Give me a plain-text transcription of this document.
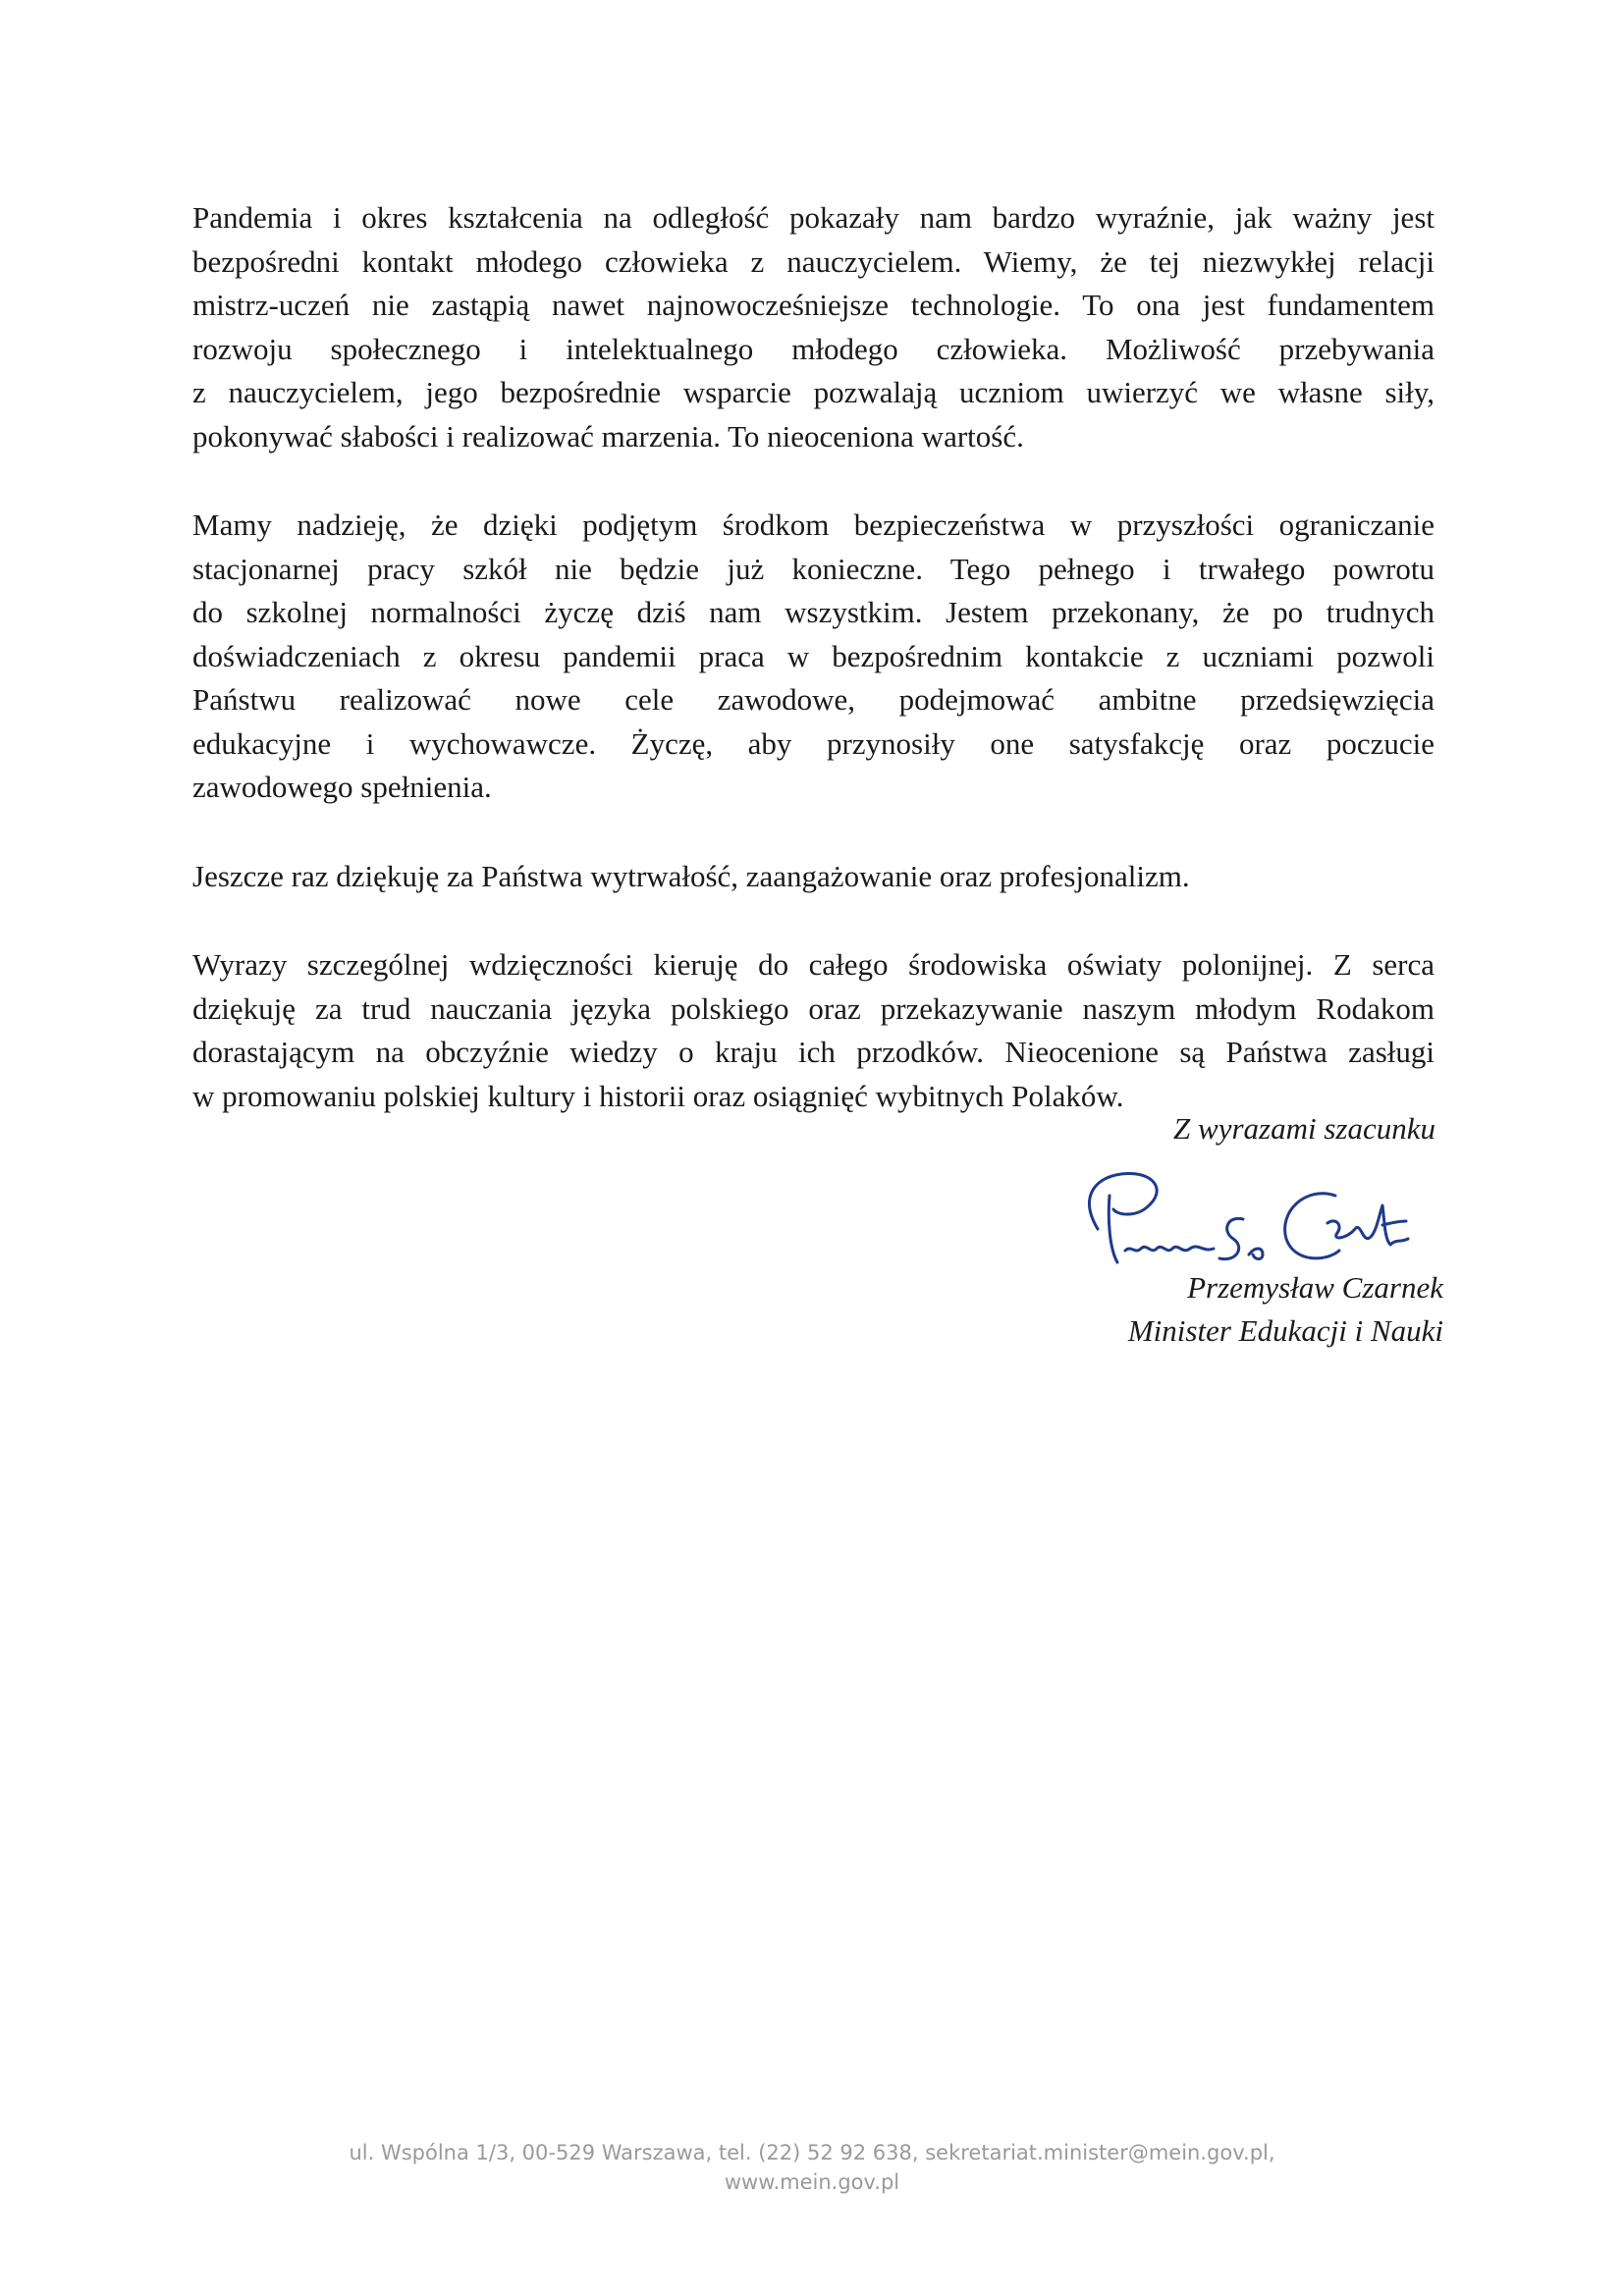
Pandemia i okres kształcenia na odległość pokazały nam bardzo wyraźnie, jak ważny jest
bezpośredni kontakt młodego człowieka z nauczycielem. Wiemy, że tej niezwykłej relacji
mistrz-uczeń nie zastąpią nawet najnowocześniejsze technologie. To ona jest fundamentem
rozwoju społecznego i intelektualnego młodego człowieka. Możliwość przebywania
z nauczycielem, jego bezpośrednie wsparcie pozwalają uczniom uwierzyć we własne siły,
pokonywać słabości i realizować marzenia. To nieoceniona wartość.

Mamy nadzieję, że dzięki podjętym środkom bezpieczeństwa w przyszłości ograniczanie
stacjonarnej pracy szkół nie będzie już konieczne. Tego pełnego i trwałego powrotu
do szkolnej normalności życzę dziś nam wszystkim. Jestem przekonany, że po trudnych
doświadczeniach z okresu pandemii praca w bezpośrednim kontakcie z uczniami pozwoli
Państwu realizować nowe cele zawodowe, podejmować ambitne przedsięwzięcia
edukacyjne i wychowawcze. Życzę, aby przynosiły one satysfakcję oraz poczucie
zawodowego spełnienia.

Jeszcze raz dziękuję za Państwa wytrwałość, zaangażowanie oraz profesjonalizm.

Wyrazy szczególnej wdzięczności kieruję do całego środowiska oświaty polonijnej. Z serca
dziękuję za trud nauczania języka polskiego oraz przekazywanie naszym młodym Rodakom
dorastającym na obczyźnie wiedzy o kraju ich przodków. Nieocenione są Państwa zasługi
w promowaniu polskiej kultury i historii oraz osiągnięć wybitnych Polaków.

Z wyrazami szacunku
Przemysław Czarnek
Minister Edukacji i Nauki
ul. Wspólna 1/3, 00-529 Warszawa, tel. (22) 52 92 638, sekretariat.minister@mein.gov.pl,
www.mein.gov.pl
